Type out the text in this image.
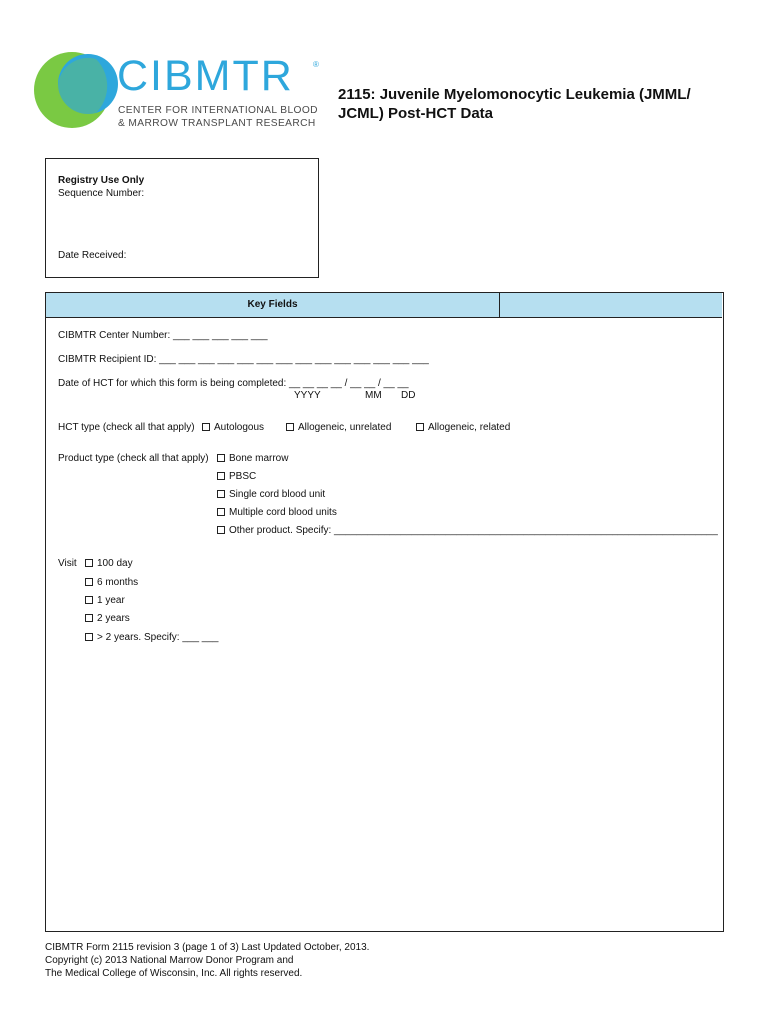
CIBMTR ®
CENTER FOR INTERNATIONAL BLOOD
& MARROW TRANSPLANT RESEARCH
2115: Juvenile Myelomonocytic Leukemia (JMML/ JCML) Post-HCT Data
Registry Use Only
Sequence Number:
Date Received:
Key Fields
CIBMTR Center Number: ___ ___ ___ ___ ___
CIBMTR Recipient ID: ___ ___ ___ ___ ___ ___ ___ ___ ___ ___ ___ ___ ___ ___
Date of HCT for which this form is being completed: __ __ __ __ / __ __ / __ __
YYYY	MM DD
HCT type (check all that apply)	Autologous	Allogeneic, unrelated	Allogeneic, related
Product type (check all that apply)	Bone marrow
PBSC
Single cord blood unit
Multiple cord blood units
Other product. Specify: _____________________________________________________________________
Visit	100 day
6 months
1 year
2 years
> 2 years. Specify: ___ ___
CIBMTR Form 2115 revision 3 (page 1 of 3) Last Updated October, 2013.
Copyright (c) 2013 National Marrow Donor Program and
The Medical College of Wisconsin, Inc. All rights reserved.
